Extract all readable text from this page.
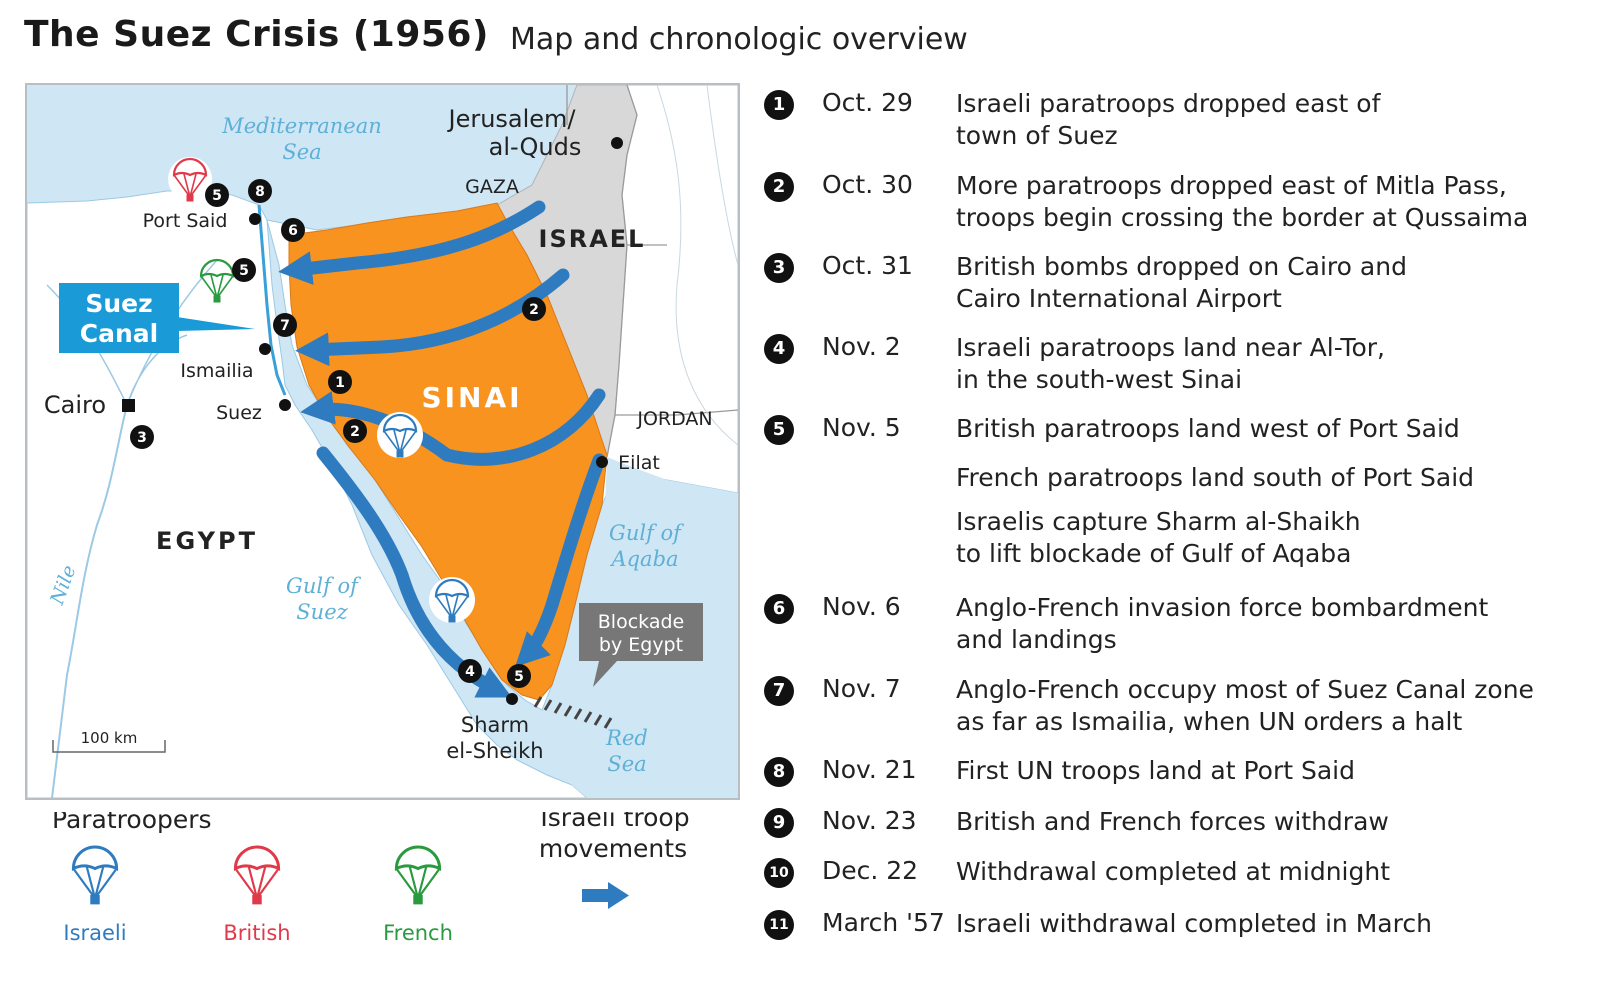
The Suez Crisis (1956) Map and chronologic overview
Blockade
by Egypt
8
5
6
5
7
1
2
2
3
4	5
Suez
Canal
Mediterranean
Sea
Jerusalem/
al-Quds
GAZA
ISRAEL
Port Said
Ismailia
Cairo	Suez	SINAI
JORDAN
Eilat
EGYPT
Nile	Gulf of
Suez
Gulf of
Aqaba
Sharm
el-Sheikh
Red
Sea
100 km
Paratroopers
Israeli	British	French
Israeli troop
movements
1	Oct. 29 Israeli paratroops dropped east of
town of Suez
2	Oct. 30 More paratroops dropped east of Mitla Pass,
troops begin crossing the border at Qussaima
3	Oct. 31 British bombs dropped on Cairo and
Cairo International Airport
4	Nov. 2 Israeli paratroops land near Al-Tor,
in the south-west Sinai
5	Nov. 5 British paratroops land west of Port Said
French paratroops land south of Port Said
Israelis capture Sharm al-Shaikh
to lift blockade of Gulf of Aqaba
6	Nov. 6 Anglo-French invasion force bombardment
and landings
7	Nov. 7 Anglo-French occupy most of Suez Canal zone
as far as Ismailia, when UN orders a halt
8	Nov. 21 First UN troops land at Port Said
9	Nov. 23 British and French forces withdraw
10 Dec. 22 Withdrawal completed at midnight
11 March '57 Israeli withdrawal completed in March
